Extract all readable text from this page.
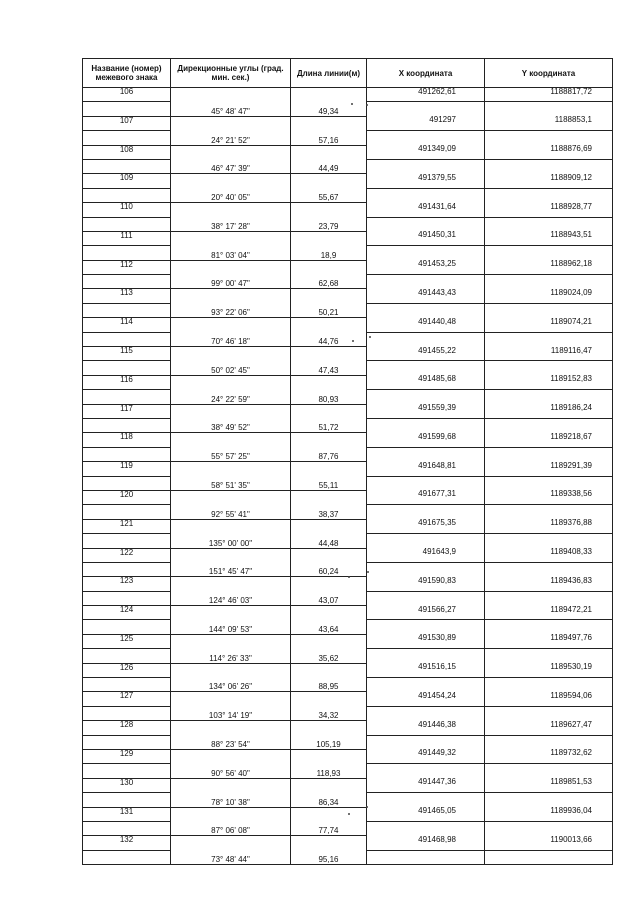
Название (номер) межевого знака	Дирекционные углы (град. мин. сек.)	Длина линии(м)	X координата	Y координата
106			491262,61	1188817,72
	45° 48' 47"	49,34		
107			491297	1188853,1
	24° 21' 52"	57,16		
108			491349,09	1188876,69
	46° 47' 39"	44,49		
109			491379,55	1188909,12
	20° 40' 05"	55,67		
110			491431,64	1188928,77
	38° 17' 28"	23,79		
111			491450,31	1188943,51
	81° 03' 04"	18,9		
112			491453,25	1188962,18
	99° 00' 47"	62,68		
113			491443,43	1189024,09
	93° 22' 06"	50,21		
114			491440,48	1189074,21
	70° 46' 18"	44,76		
115			491455,22	1189116,47
	50° 02' 45"	47,43		
116			491485,68	1189152,83
	24° 22' 59"	80,93		
117			491559,39	1189186,24
	38° 49' 52"	51,72		
118			491599,68	1189218,67
	55° 57' 25"	87,76		
119			491648,81	1189291,39
	58° 51' 35"	55,11		
120			491677,31	1189338,56
	92° 55' 41"	38,37		
121			491675,35	1189376,88
	135° 00' 00"	44,48		
122			491643,9	1189408,33
	151° 45' 47"	60,24		
123			491590,83	1189436,83
	124° 46' 03"	43,07		
124			491566,27	1189472,21
	144° 09' 53"	43,64		
125			491530,89	1189497,76
	114° 26' 33"	35,62		
126			491516,15	1189530,19
	134° 06' 26"	88,95		
127			491454,24	1189594,06
	103° 14' 19"	34,32		
128			491446,38	1189627,47
	88° 23' 54"	105,19		
129			491449,32	1189732,62
	90° 56' 40"	118,93		
130			491447,36	1189851,53
	78° 10' 38"	86,34		
131			491465,05	1189936,04
	87° 06' 08"	77,74		
132			491468,98	1190013,66
	73° 48' 44"	95,16		
